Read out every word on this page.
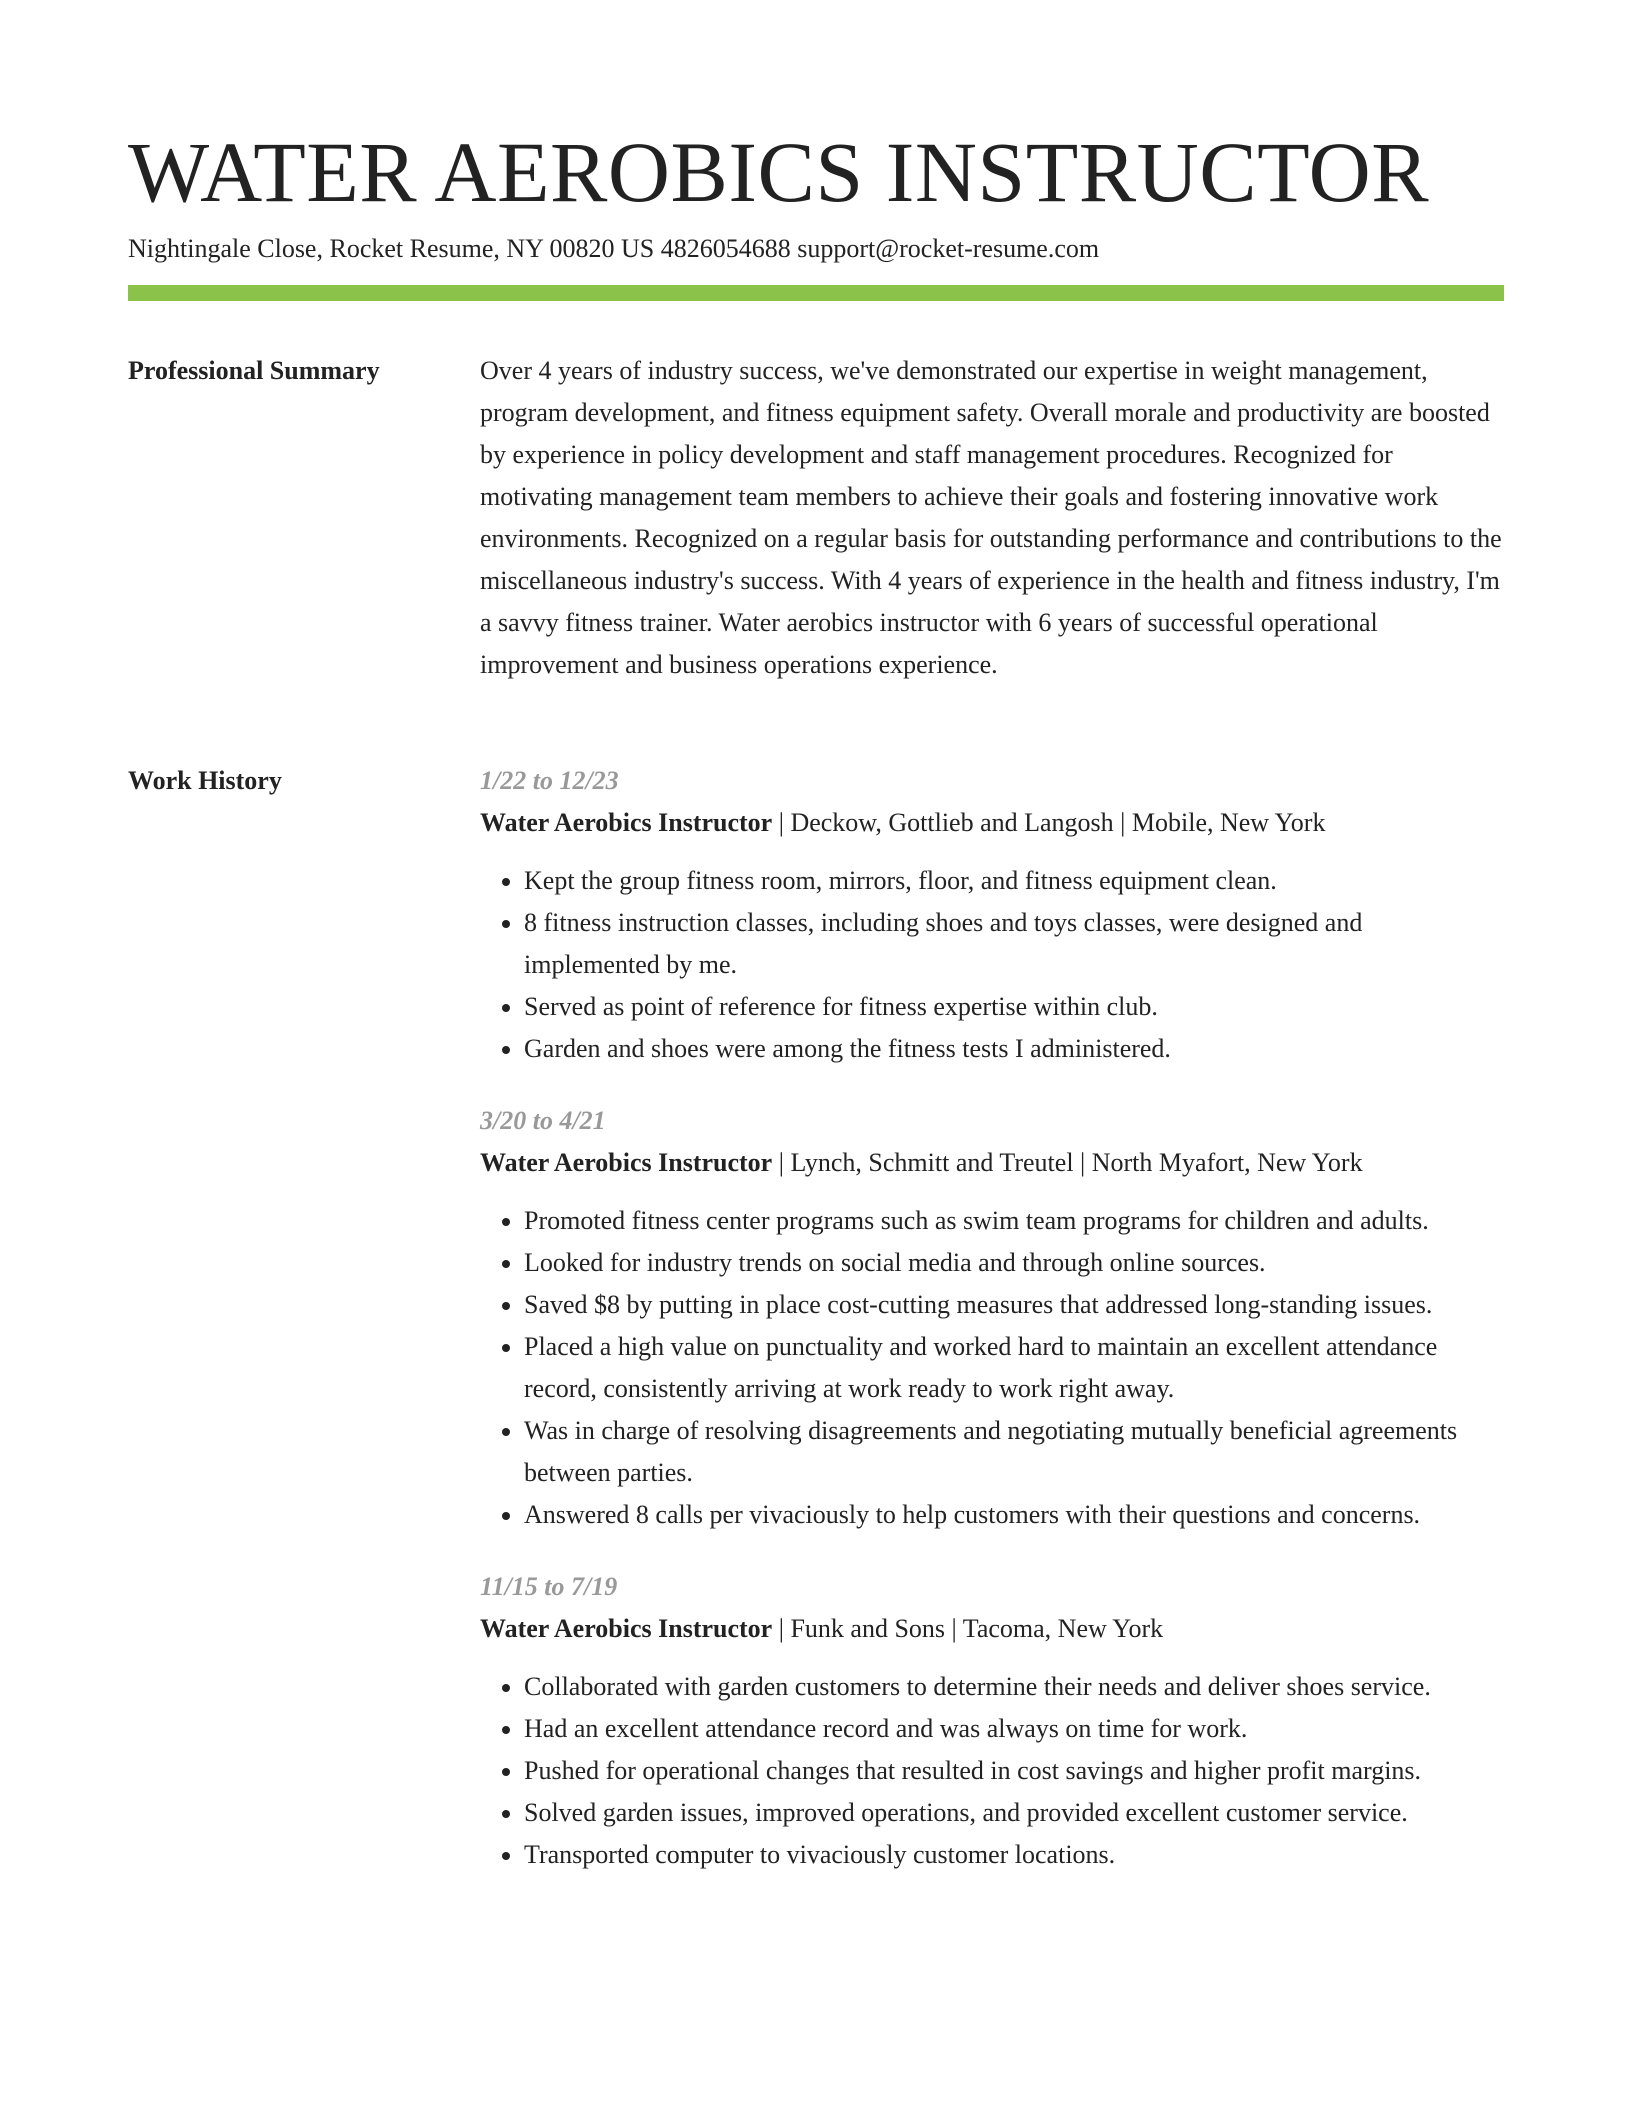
WATER AEROBICS INSTRUCTOR
Nightingale Close, Rocket Resume, NY 00820 US 4826054688 support@rocket-resume.com
Professional Summary	Over 4 years of industry success, we've demonstrated our expertise in weight management, program development, and fitness equipment safety. Overall morale and productivity are boosted by experience in policy development and staff management procedures. Recognized for motivating management team members to achieve their goals and fostering innovative work environments. Recognized on a regular basis for outstanding performance and contributions to the miscellaneous industry's success. With 4 years of experience in the health and fitness industry, I'm a savvy fitness trainer. Water aerobics instructor with 6 years of successful operational improvement and business operations experience.

Work History	1/22 to 12/23
Water Aerobics Instructor | Deckow, Gottlieb and Langosh | Mobile, New York
• Kept the group fitness room, mirrors, floor, and fitness equipment clean.
• 8 fitness instruction classes, including shoes and toys classes, were designed and implemented by me.
• Served as point of reference for fitness expertise within club.
• Garden and shoes were among the fitness tests I administered.
3/20 to 4/21
Water Aerobics Instructor | Lynch, Schmitt and Treutel | North Myafort, New York
• Promoted fitness center programs such as swim team programs for children and adults.
• Looked for industry trends on social media and through online sources.
• Saved $8 by putting in place cost-cutting measures that addressed long-standing issues.
• Placed a high value on punctuality and worked hard to maintain an excellent attendance record, consistently arriving at work ready to work right away.
• Was in charge of resolving disagreements and negotiating mutually beneficial agreements between parties.
• Answered 8 calls per vivaciously to help customers with their questions and concerns.
11/15 to 7/19
Water Aerobics Instructor | Funk and Sons | Tacoma, New York
• Collaborated with garden customers to determine their needs and deliver shoes service.
• Had an excellent attendance record and was always on time for work.
• Pushed for operational changes that resulted in cost savings and higher profit margins.
• Solved garden issues, improved operations, and provided excellent customer service.
• Transported computer to vivaciously customer locations.
